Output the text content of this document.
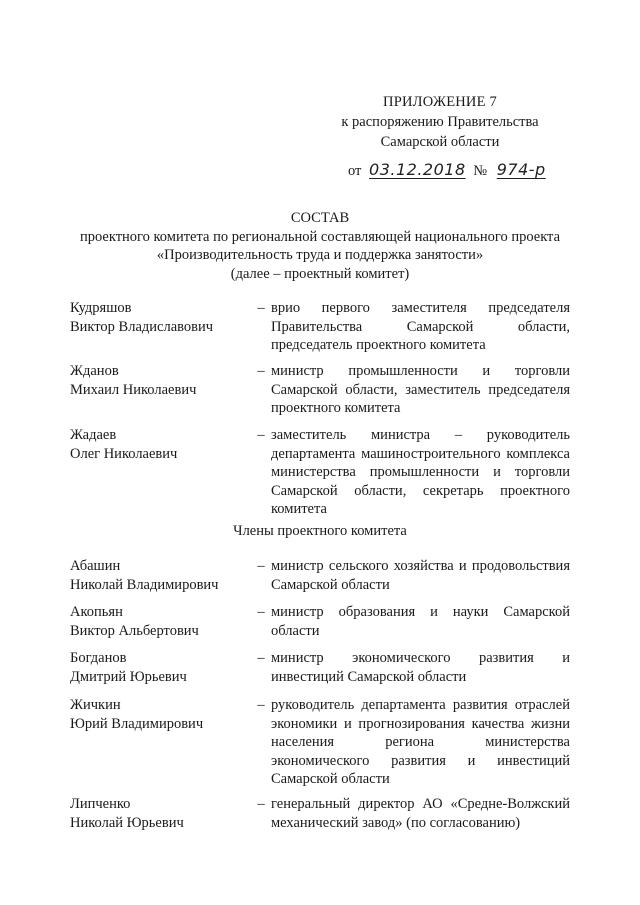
ПРИЛОЖЕНИЕ 7
к распоряжению Правительства
Самарской области
от 03.12.2018 № 974-р
СОСТАВ
проектного комитета по региональной составляющей национального проекта
«Производительность труда и поддержка занятости»
(далее – проектный комитет)
Кудряшов
Виктор Владиславович
– врио первого заместителя председателя Правительства Самарской области, председатель проектного комитета
Жданов
Михаил Николаевич
– министр промышленности и торговли Самарской области, заместитель председателя проектного комитета
Жадаев
Олег Николаевич
– заместитель министра – руководитель департамента машиностроительного комплекса министерства промышленности и торговли Самарской области, секретарь проектного комитета
Члены проектного комитета
Абашин
Николай Владимирович
– министр сельского хозяйства и продовольствия Самарской области
Акопьян
Виктор Альбертович
– министр образования и науки Самарской области
Богданов
Дмитрий Юрьевич
– министр экономического развития и инвестиций Самарской области
Жичкин
Юрий Владимирович
– руководитель департамента развития отраслей экономики и прогнозирования качества жизни населения региона министерства экономического развития и инвестиций Самарской области
Липченко
Николай Юрьевич
– генеральный директор АО «Средне-Волжский механический завод» (по согласованию)
